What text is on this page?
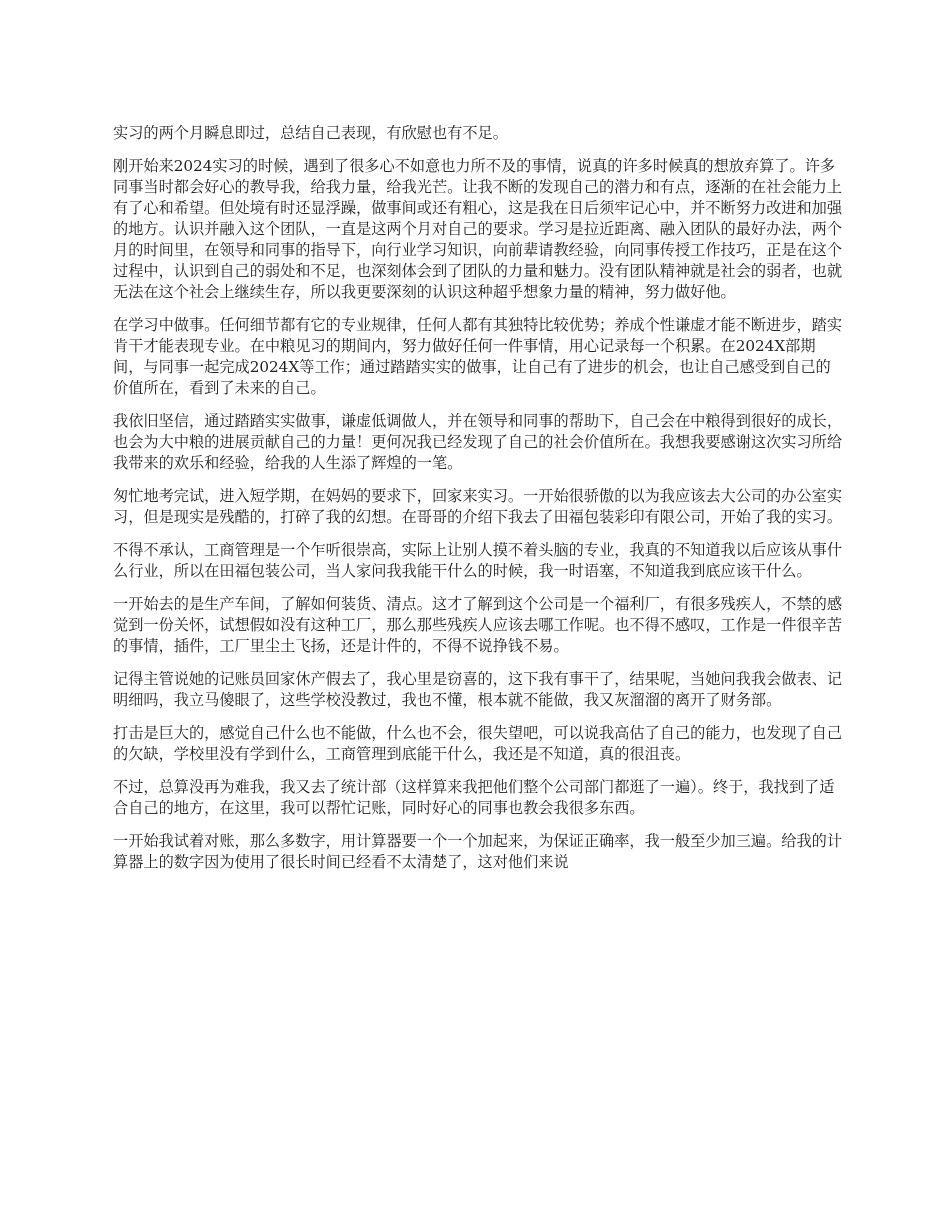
实习的两个月瞬息即过，总结自己表现，有欣慰也有不足。

刚开始来2024实习的时候，遇到了很多心不如意也力所不及的事情，说真的许多时候真的想放弃算了。许多同事当时都会好心的教导我，给我力量，给我光芒。让我不断的发现自己的潜力和有点，逐渐的在社会能力上有了心和希望。但处境有时还显浮躁，做事间或还有粗心，这是我在日后须牢记心中，并不断努力改进和加强的地方。认识并融入这个团队，一直是这两个月对自己的要求。学习是拉近距离、融入团队的最好办法，两个月的时间里，在领导和同事的指导下，向行业学习知识，向前辈请教经验，向同事传授工作技巧，正是在这个过程中，认识到自己的弱处和不足，也深刻体会到了团队的力量和魅力。没有团队精神就是社会的弱者，也就无法在这个社会上继续生存，所以我更要深刻的认识这种超乎想象力量的精神，努力做好他。

在学习中做事。任何细节都有它的专业规律，任何人都有其独特比较优势；养成个性谦虚才能不断进步，踏实肯干才能表现专业。在中粮见习的期间内，努力做好任何一件事情，用心记录每一个积累。在2024X部期间，与同事一起完成2024X等工作；通过踏踏实实的做事，让自己有了进步的机会，也让自己感受到自己的价值所在，看到了未来的自己。

我依旧坚信，通过踏踏实实做事，谦虚低调做人，并在领导和同事的帮助下，自己会在中粮得到很好的成长，也会为大中粮的进展贡献自己的力量！更何况我已经发现了自己的社会价值所在。我想我要感谢这次实习所给我带来的欢乐和经验，给我的人生添了辉煌的一笔。

匆忙地考完试，进入短学期，在妈妈的要求下，回家来实习。一开始很骄傲的以为我应该去大公司的办公室实习，但是现实是残酷的，打碎了我的幻想。在哥哥的介绍下我去了田福包装彩印有限公司，开始了我的实习。

不得不承认，工商管理是一个乍听很崇高，实际上让别人摸不着头脑的专业，我真的不知道我以后应该从事什么行业，所以在田福包装公司，当人家问我我能干什么的时候，我一时语塞，不知道我到底应该干什么。

一开始去的是生产车间，了解如何装货、清点。这才了解到这个公司是一个福利厂，有很多残疾人，不禁的感觉到一份关怀，试想假如没有这种工厂，那么那些残疾人应该去哪工作呢。也不得不感叹，工作是一件很辛苦的事情，插件，工厂里尘土飞扬，还是计件的，不得不说挣钱不易。

记得主管说她的记账员回家休产假去了，我心里是窃喜的，这下我有事干了，结果呢，当她问我我会做表、记明细吗，我立马傻眼了，这些学校没教过，我也不懂，根本就不能做，我又灰溜溜的离开了财务部。

打击是巨大的，感觉自己什么也不能做，什么也不会，很失望吧，可以说我高估了自己的能力，也发现了自己的欠缺，学校里没有学到什么，工商管理到底能干什么，我还是不知道，真的很沮丧。

不过，总算没再为难我，我又去了统计部（这样算来我把他们整个公司部门都逛了一遍）。终于，我找到了适合自己的地方，在这里，我可以帮忙记账，同时好心的同事也教会我很多东西。

一开始我试着对账，那么多数字，用计算器要一个一个加起来，为保证正确率，我一般至少加三遍。给我的计算器上的数字因为使用了很长时间已经看不太清楚了，这对他们来说
